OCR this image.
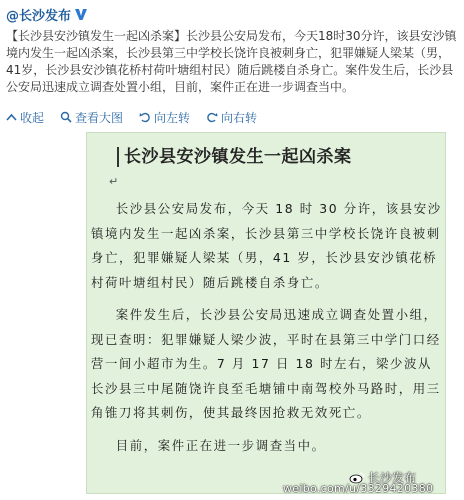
@长沙发布
【长沙县安沙镇发生一起凶杀案】长沙县公安局发布，今天18时30分许，该县安沙镇境内发生一起凶杀案，长沙县第三中学校长饶许良被刺身亡，犯罪嫌疑人梁某（男，41岁，长沙县安沙镇花桥村荷叶塘组村民）随后跳楼自杀身亡。案件发生后，长沙县公安局迅速成立调查处置小组，目前，案件正在进一步调查当中。
收起	查看大图	向左转	向右转
长沙县安沙镇发生一起凶杀案
↵

长沙县公安局发布，今天 18 时 30 分许，该县安沙镇境内发生一起凶杀案，长沙县第三中学校长饶许良被刺身亡，犯罪嫌疑人梁某（男，41 岁，长沙县安沙镇花桥村荷叶塘组村民）随后跳楼自杀身亡。

案件发生后，长沙县公安局迅速成立调查处置小组，现已查明：犯罪嫌疑人梁少波，平时在县第三中学门口经营一间小超市为生。7 月 17 日 18 时左右，梁少波从长沙县三中尾随饶许良至毛塘铺中南驾校外马路时，用三角锥刀将其刺伤，使其最终因抢救无效死亡。

目前，案件正在进一步调查当中。

长沙发布
weibo.com/u/3329420380
